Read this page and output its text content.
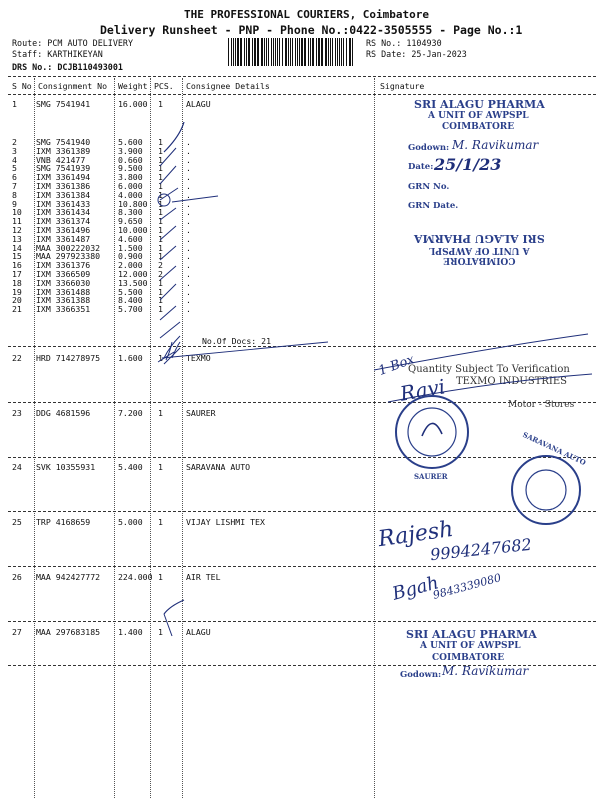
THE PROFESSIONAL COURIERS, Coimbatore
Delivery Runsheet - PNP - Phone No.:0422-3505555 - Page No.:1
Route: PCM AUTO DELIVERY
Staff: KARTHIKEYAN
DRS No.: DCJB110493001
RS No.: 1104930
RS Date: 25-Jan-2023
S No Consignment No Weight PCS. Consignee Details	Signature
1 SMG 7541941	16.000 1	ALAGU
2 SMG 7541940	5.600 1	.
3 IXM 3361389	3.900 1	.
4 VNB 421477	0.660 1	.
5 SMG 7541939	9.500 1	.
6 IXM 3361494	3.800 1	.
7 IXM 3361386	6.000 1	.
8 IXM 3361384	4.000 1	.
9 IXM 3361433	10.800 1	.
10 IXM 3361434	8.300 1	.
11 IXM 3361374	9.650 1	.
12 IXM 3361496	10.000 1	.
13 IXM 3361487	4.600 1	.
14 MAA 300222032 1.500 1	.
15 MAA 297923380 0.900 1	.
16 IXM 3361376	2.000 2	.
17 IXM 3366509	12.000 2	.
18 IXM 3366030	13.500 1	.
19 IXM 3361488	5.500 1	.
20 IXM 3361388	8.400 1	.
21 IXM 3366351	5.700 1	.
No.Of Docs: 21
22 HRD 714278975 1.600 1	TEXMO
23 DDG 4681596	7.200 1	SAURER
24 SVK 10355931	5.400 1	SARAVANA AUTO
25 TRP 4168659	5.000 1	VIJAY LISHMI TEX
26 MAA 942427772 224.000 1	AIR TEL
27 MAA 297683185 1.400 1	ALAGU
SRI ALAGU PHARMA
A UNIT OF AWPSPL
COIMBATORE
Godown: M. Ravikumar
Date: 25/1/23
GRN No.
GRN Date.
COIMBATORE
A UNIT OF AWPSPL
SRI ALAGU PHARMA
1 Box
Quantity Subject To Verification
TEXMO INDUSTRIES
Ravi	Motor - Stores
SAURER
SARAVANA AUTO
Rajesh
9994247682
Bgah
9843339080
SRI ALAGU PHARMA
A UNIT OF AWPSPL
COIMBATORE
Godown: M. Ravikumar
